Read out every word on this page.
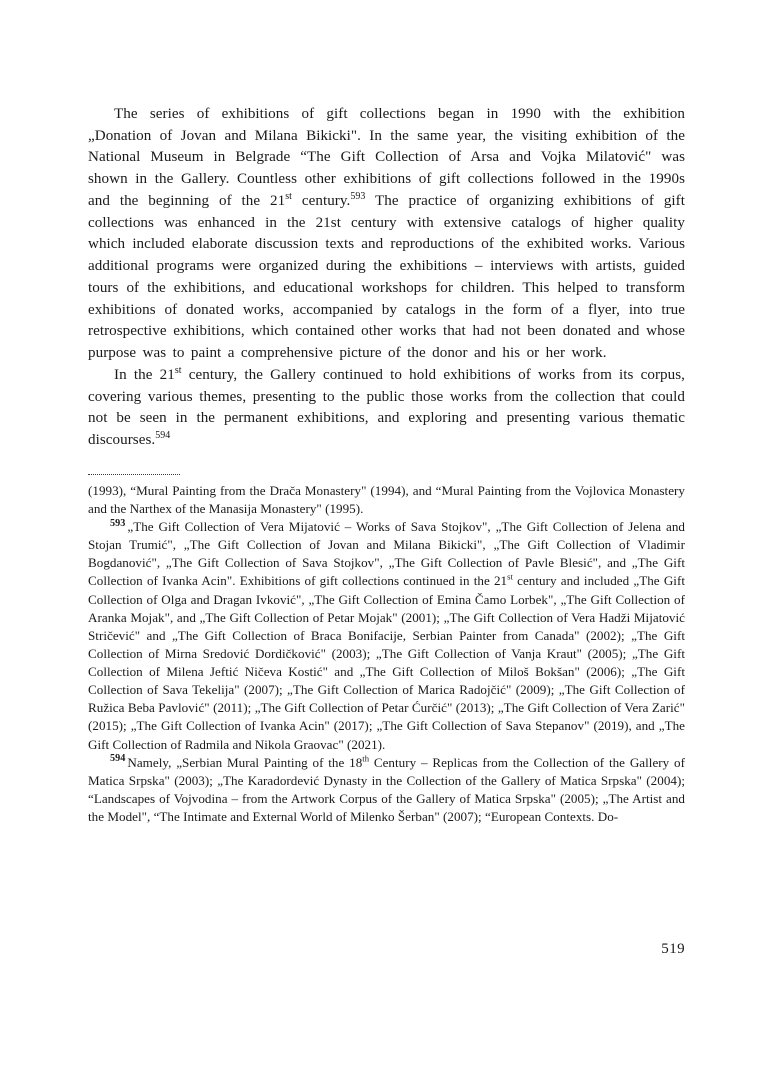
The series of exhibitions of gift collections began in 1990 with the exhibition „Donation of Jovan and Milana Bikicki". In the same year, the visiting exhibition of the National Museum in Belgrade “The Gift Collection of Arsa and Vojka Milatović" was shown in the Gallery. Countless other exhibitions of gift collections followed in the 1990s and the beginning of the 21st century.$^{593}$ The practice of organizing exhibitions of gift collections was enhanced in the 21st century with extensive catalogs of higher quality which included elaborate discussion texts and reproductions of the exhibited works. Various additional programs were organized during the exhibitions – interviews with artists, guided tours of the exhibitions, and educational workshops for children. This helped to transform exhibitions of donated works, accompanied by catalogs in the form of a flyer, into true retrospective exhibitions, which contained other works that had not been donated and whose purpose was to paint a comprehensive picture of the donor and his or her work.

In the 21st century, the Gallery continued to hold exhibitions of works from its corpus, covering various themes, presenting to the public those works from the collection that could not be seen in the permanent exhibitions, and exploring and presenting various thematic discourses.$^{594}$

(1993), “Mural Painting from the Drača Monastery" (1994), and “Mural Painting from the Vojlovica Monastery and the Narthex of the Manasija Monastery" (1995).

$^{593}$ „The Gift Collection of Vera Mijatović – Works of Sava Stojkov", „The Gift Collection of Jelena and Stojan Trumić", „The Gift Collection of Jovan and Milana Bikicki", „The Gift Collection of Vladimir Bogdanović", „The Gift Collection of Sava Stojkov", „The Gift Collection of Pavle Blesić", and „The Gift Collection of Ivanka Acin". Exhibitions of gift collections continued in the 21st century and included „The Gift Collection of Olga and Dragan Ivković", „The Gift Collection of Emina Čamo Lorbek", „The Gift Collection of Aranka Mojak", and „The Gift Collection of Petar Mojak" (2001); „The Gift Collection of Vera Hadži Mijatović Stričević" and „The Gift Collection of Braca Bonifacije, Serbian Painter from Canada" (2002); „The Gift Collection of Mirna Sredović Dordičković" (2003); „The Gift Collection of Vanja Kraut" (2005); „The Gift Collection of Milena Jeftić Ničeva Kostić" and „The Gift Collection of Miloš Bokšan" (2006); „The Gift Collection of Sava Tekelija" (2007); „The Gift Collection of Marica Radojčić" (2009); „The Gift Collection of Ružica Beba Pavlović" (2011); „The Gift Collection of Petar Ćurčić" (2013); „The Gift Collection of Vera Zarić" (2015); „The Gift Collection of Ivanka Acin" (2017); „The Gift Collection of Sava Stepanov" (2019), and „The Gift Collection of Radmila and Nikola Graovac" (2021).

$^{594}$ Namely, „Serbian Mural Painting of the 18th Century – Replicas from the Collection of the Gallery of Matica Srpska" (2003); „The Karadordević Dynasty in the Collection of the Gallery of Matica Srpska" (2004); “Landscapes of Vojvodina – from the Artwork Corpus of the Gallery of Matica Srpska" (2005); „The Artist and the Model", “The Intimate and External World of Milenko Šerban" (2007); “European Contexts. Do-

519
